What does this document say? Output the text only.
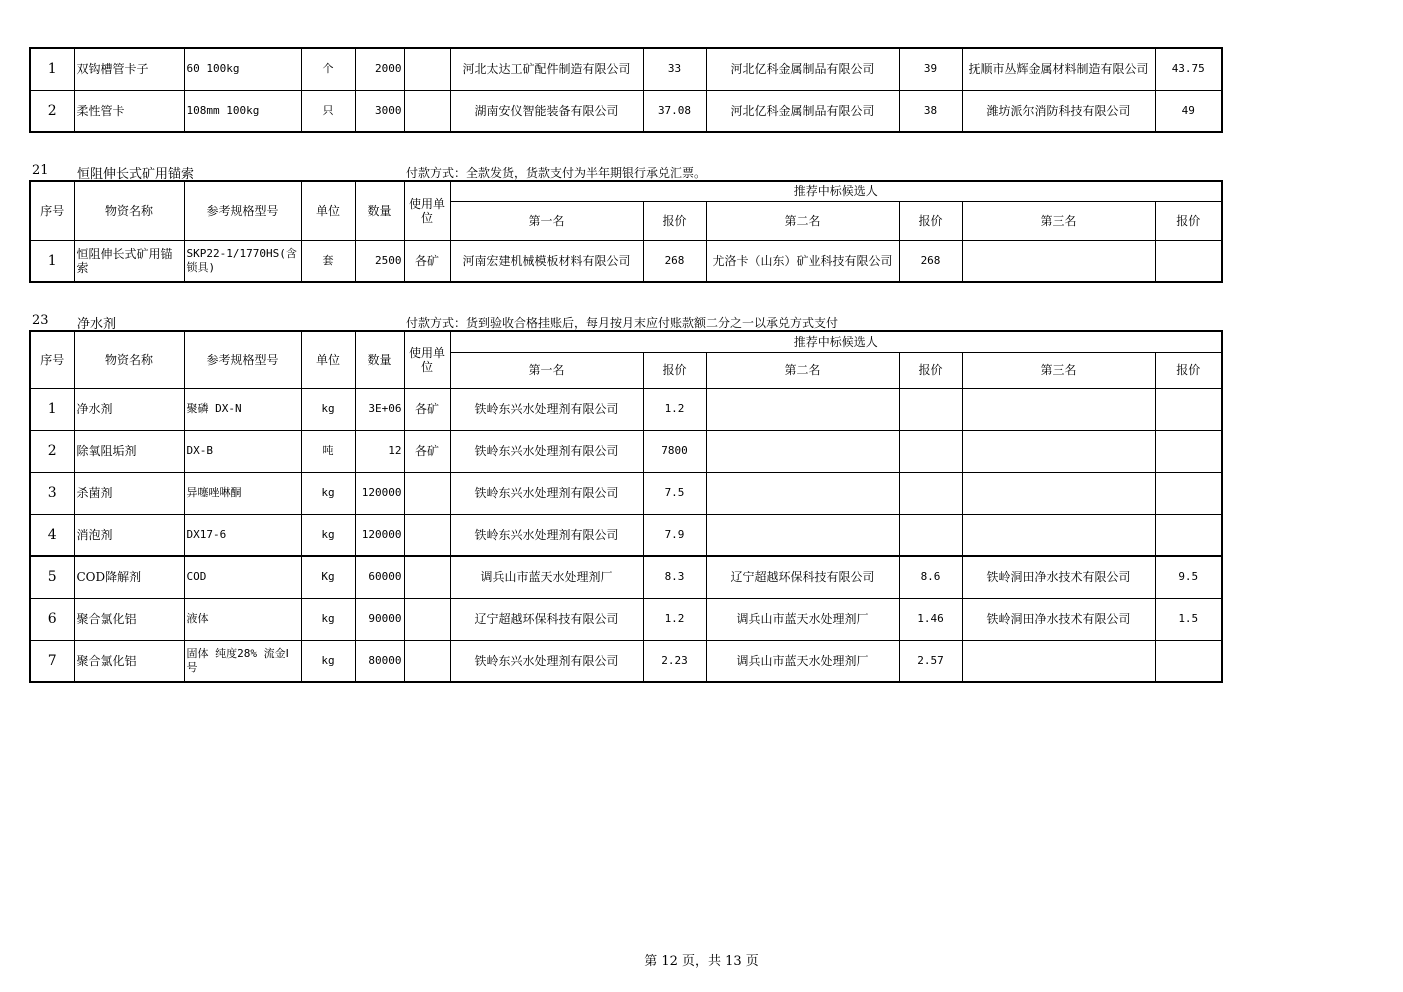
1	双钩槽管卡子	60 100kg	个	2000		河北太达工矿配件制造有限公司	33	河北亿科金属制品有限公司	39	抚顺市丛辉金属材料制造有限公司	43.75
2	柔性管卡	108mm 100kg	只	3000		湖南安仪智能装备有限公司	37.08	河北亿科金属制品有限公司	38	潍坊派尔消防科技有限公司	49
21 恒阻伸长式矿用锚索	付款方式：全款发货，货款支付为半年期银行承兑汇票。
序号	物资名称	参考规格型号	单位	数量	使用单位	推荐中标候选人					
						第一名	报价	第二名	报价	第三名	报价
1	恒阻伸长式矿用锚索	SKP22-1/1770HS(含锁具)	套	2500	各矿	河南宏建机械模板材料有限公司	268	尤洛卡（山东）矿业科技有限公司	268		
23 净水剂	付款方式：货到验收合格挂账后，每月按月末应付账款额二分之一以承兑方式支付
序号	物资名称	参考规格型号	单位	数量	使用单位	推荐中标候选人					
						第一名	报价	第二名	报价	第三名	报价
1	净水剂	聚磷 DX-N	kg	3E+06	各矿	铁岭东兴水处理剂有限公司	1.2				
2	除氧阻垢剂	DX-B	吨	12	各矿	铁岭东兴水处理剂有限公司	7800				
3	杀菌剂	异噻唑啉酮	kg	120000		铁岭东兴水处理剂有限公司	7.5				
4	消泡剂	DX17-6	kg	120000		铁岭东兴水处理剂有限公司	7.9				
5	COD降解剂	COD	Kg	60000		调兵山市蓝天水处理剂厂	8.3	辽宁超越环保科技有限公司	8.6	铁岭洞田净水技术有限公司	9.5
6	聚合氯化铝	液体	kg	90000		辽宁超越环保科技有限公司	1.2	调兵山市蓝天水处理剂厂	1.46	铁岭洞田净水技术有限公司	1.5
7	聚合氯化铝	固体 纯度28% 流金Ⅰ号	kg	80000		铁岭东兴水处理剂有限公司	2.23	调兵山市蓝天水处理剂厂	2.57		
第 12 页，共 13 页
